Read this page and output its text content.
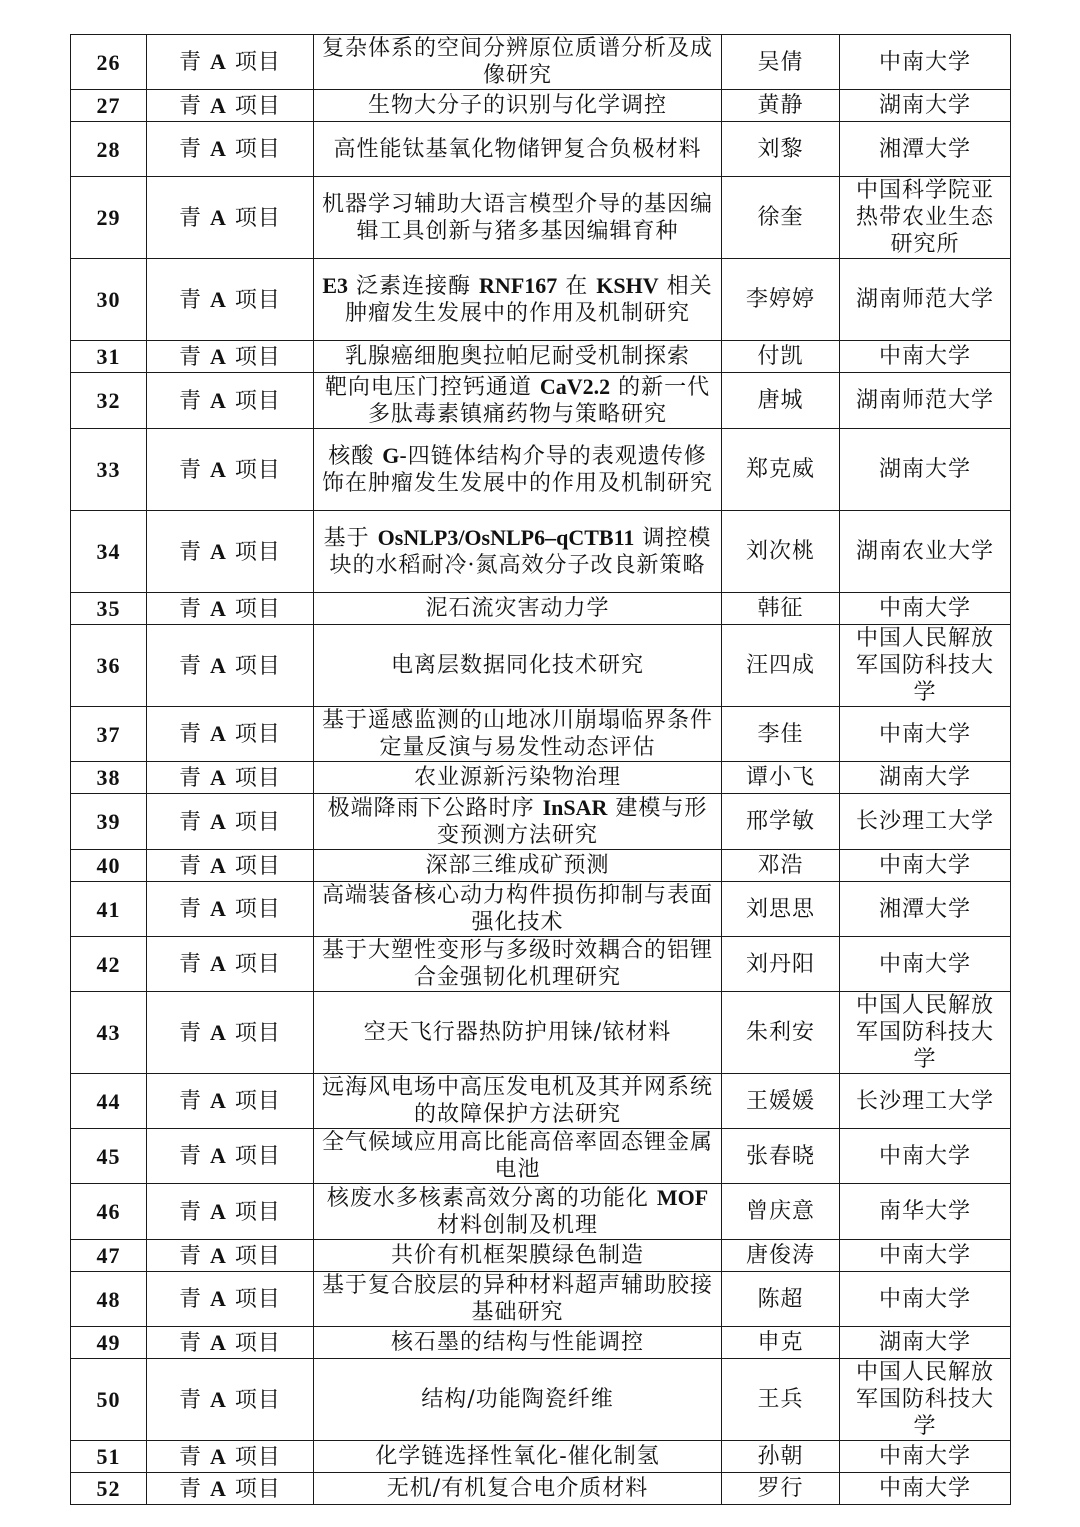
26	青 A 项目	复杂体系的空间分辨原位质谱分析及成像研究	吴倩	中南大学
27	青 A 项目	生物大分子的识别与化学调控	黄静	湖南大学
28	青 A 项目	高性能钛基氧化物储钾复合负极材料	刘黎	湘潭大学
29	青 A 项目	机器学习辅助大语言模型介导的基因编辑工具创新与猪多基因编辑育种	徐奎	中国科学院亚热带农业生态研究所
30	青 A 项目	E3 泛素连接酶 RNF167 在 KSHV 相关肿瘤发生发展中的作用及机制研究	李婷婷	湖南师范大学
31	青 A 项目	乳腺癌细胞奥拉帕尼耐受机制探索	付凯	中南大学
32	青 A 项目	靶向电压门控钙通道 CaV2.2 的新一代多肽毒素镇痛药物与策略研究	唐城	湖南师范大学
33	青 A 项目	核酸 G-四链体结构介导的表观遗传修饰在肿瘤发生发展中的作用及机制研究	郑克威	湖南大学
34	青 A 项目	基于 OsNLP3/OsNLP6–qCTB11 调控模块的水稻耐冷·氮高效分子改良新策略	刘次桃	湖南农业大学
35	青 A 项目	泥石流灾害动力学	韩征	中南大学
36	青 A 项目	电离层数据同化技术研究	汪四成	中国人民解放军国防科技大学
37	青 A 项目	基于遥感监测的山地冰川崩塌临界条件定量反演与易发性动态评估	李佳	中南大学
38	青 A 项目	农业源新污染物治理	谭小飞	湖南大学
39	青 A 项目	极端降雨下公路时序 InSAR 建模与形变预测方法研究	邢学敏	长沙理工大学
40	青 A 项目	深部三维成矿预测	邓浩	中南大学
41	青 A 项目	高端装备核心动力构件损伤抑制与表面强化技术	刘思思	湘潭大学
42	青 A 项目	基于大塑性变形与多级时效耦合的铝锂合金强韧化机理研究	刘丹阳	中南大学
43	青 A 项目	空天飞行器热防护用铼/铱材料	朱利安	中国人民解放军国防科技大学
44	青 A 项目	远海风电场中高压发电机及其并网系统的故障保护方法研究	王媛媛	长沙理工大学
45	青 A 项目	全气候域应用高比能高倍率固态锂金属电池	张春晓	中南大学
46	青 A 项目	核废水多核素高效分离的功能化 MOF 材料创制及机理	曾庆意	南华大学
47	青 A 项目	共价有机框架膜绿色制造	唐俊涛	中南大学
48	青 A 项目	基于复合胶层的异种材料超声辅助胶接基础研究	陈超	中南大学
49	青 A 项目	核石墨的结构与性能调控	申克	湖南大学
50	青 A 项目	结构/功能陶瓷纤维	王兵	中国人民解放军国防科技大学
51	青 A 项目	化学链选择性氧化-催化制氢	孙朝	中南大学
52	青 A 项目	无机/有机复合电介质材料	罗行	中南大学
